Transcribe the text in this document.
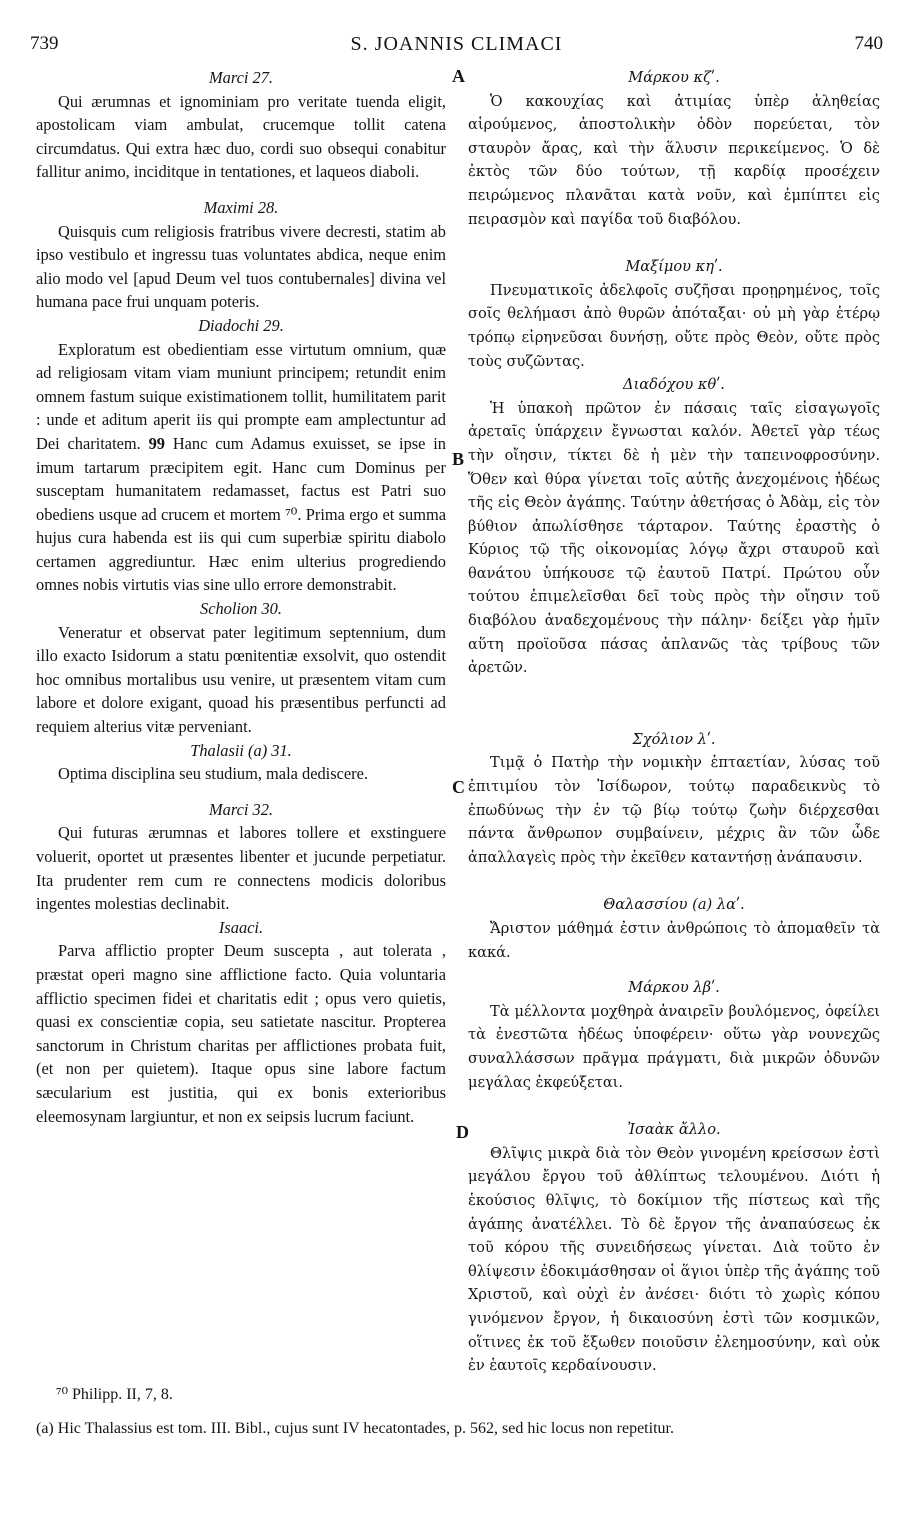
739	S. JOANNIS CLIMACI	740
A
B
C
D

Marci 27.

Qui ærumnas et ignominiam pro veritate tuenda eligit, apostolicam viam ambulat, crucemque tollit catena circumdatus. Qui extra hæc duo, cordi suo obsequi conabitur fallitur animo, inciditque in tentationes, et laqueos diaboli.

Maximi 28.

Quisquis cum religiosis fratribus vivere decresti, statim ab ipso vestibulo et ingressu tuas voluntates abdica, neque enim alio modo vel [apud Deum vel tuos contubernales] divina vel humana pace frui unquam poteris.

Diadochi 29.

Exploratum est obedientiam esse virtutum omnium, quæ ad religiosam vitam viam muniunt principem; retundit enim omnem fastum suique existimationem tollit, humilitatem parit : unde et aditum aperit iis qui prompte eam amplectuntur ad Dei charitatem. 99 Hanc cum Adamus exuisset, se ipse in imum tartarum præcipitem egit. Hanc cum Dominus per susceptam humanitatem redamasset, factus est Patri suo obediens usque ad crucem et mortem ⁷⁰. Prima ergo et summa hujus cura habenda est iis qui cum superbiæ spiritu diabolo certamen aggrediuntur. Hæc enim ulterius progrediendo omnes nobis virtutis vias sine ullo errore demonstrabit.

Scholion 30.

Veneratur et observat pater legitimum septennium, dum illo exacto Isidorum a statu pœnitentiæ exsolvit, quo ostendit hoc omnibus mortalibus usu venire, ut præsentem vitam cum labore et dolore exigant, quoad his præsentibus perfuncti ad requiem alterius vitæ perveniant.

Thalasii (a) 31.

Optima disciplina seu studium, mala dediscere.

Marci 32.

Qui futuras ærumnas et labores tollere et exstinguere voluerit, oportet ut præsentes libenter et jucunde perpetiatur. Ita prudenter rem cum re connectens modicis doloribus ingentes molestias declinabit.

Isaaci.

Parva afflictio propter Deum suscepta , aut tolerata , præstat operi magno sine afflictione facto. Quia voluntaria afflictio specimen fidei et charitatis edit ; opus vero quietis, quasi ex conscientiæ copia, seu satietate nascitur. Propterea sanctorum in Christum charitas per afflictiones probata fuit, (et non per quietem). Itaque opus sine labore factum sæcularium est justitia, qui ex bonis exterioribus eleemosynam largiuntur, et non ex seipsis lucrum faciunt.

Μάρκου κζʹ.

Ὁ κακουχίας καὶ ἀτιμίας ὑπὲρ ἀληθείας αἱρούμενος, ἀποστολικὴν ὁδὸν πορεύεται, τὸν σταυρὸν ἄρας, καὶ τὴν ἅλυσιν περικείμενος. Ὁ δὲ ἐκτὸς τῶν δύο τούτων, τῇ καρδίᾳ προσέχειν πειρώμενος πλανᾶται κατὰ νοῦν, καὶ ἐμπίπτει εἰς πειρασμὸν καὶ παγίδα τοῦ διαβόλου.

Μαξίμου κηʹ.

Πνευματικοῖς ἀδελφοῖς συζῆσαι προῃρημένος, τοῖς σοῖς θελήμασι ἀπὸ θυρῶν ἀπόταξαι· οὐ μὴ γὰρ ἑτέρῳ τρόπῳ εἰρηνεῦσαι δυνήσῃ, οὔτε πρὸς Θεὸν, οὔτε πρὸς τοὺς συζῶντας.

Διαδόχου κθʹ.

Ἡ ὑπακοὴ πρῶτον ἐν πάσαις ταῖς εἰσαγωγοῖς ἀρεταῖς ὑπάρχειν ἔγνωσται καλόν. Ἀθετεῖ γὰρ τέως τὴν οἴησιν, τίκτει δὲ ἡ μὲν τὴν ταπεινοφροσύνην. Ὅθεν καὶ θύρα γίνεται τοῖς αὐτῆς ἀνεχομένοις ἡδέως τῆς εἰς Θεὸν ἀγάπης. Ταύτην ἀθετήσας ὁ Ἀδὰμ, εἰς τὸν βύθιον ἀπωλίσθησε τάρταρον. Ταύτης ἐραστὴς ὁ Κύριος τῷ τῆς οἰκονομίας λόγῳ ἄχρι σταυροῦ καὶ θανάτου ὑπήκουσε τῷ ἑαυτοῦ Πατρί. Πρώτου οὖν τούτου ἐπιμελεῖσθαι δεῖ τοὺς πρὸς τὴν οἴησιν τοῦ διαβόλου ἀναδεχομένους τὴν πάλην· δείξει γὰρ ἡμῖν αὕτη προϊοῦσα πάσας ἀπλανῶς τὰς τρίβους τῶν ἀρετῶν.

Σχόλιον λʹ.

Τιμᾷ ὁ Πατὴρ τὴν νομικὴν ἑπταετίαν, λύσας τοῦ ἐπιτιμίου τὸν Ἰσίδωρον, τούτῳ παραδεικνὺς τὸ ἐπωδύνως τὴν ἐν τῷ βίῳ τούτῳ ζωὴν διέρχεσθαι πάντα ἄνθρωπον συμβαίνειν, μέχρις ἂν τῶν ὧδε ἀπαλλαγεὶς πρὸς τὴν ἐκεῖθεν καταντήσῃ ἀνάπαυσιν.

Θαλασσίου (a) λαʹ.

Ἄριστον μάθημά ἐστιν ἀνθρώποις τὸ ἀπομαθεῖν τὰ κακά.

Μάρκου λβʹ.

Τὰ μέλλοντα μοχθηρὰ ἀναιρεῖν βουλόμενος, ὀφείλει τὰ ἐνεστῶτα ἡδέως ὑποφέρειν· οὕτω γὰρ νουνεχῶς συναλλάσσων πρᾶγμα πράγματι, διὰ μικρῶν ὀδυνῶν μεγάλας ἐκφεύξεται.

Ἰσαὰκ ἄλλο.

Θλῖψις μικρὰ διὰ τὸν Θεὸν γινομένη κρείσσων ἐστὶ μεγάλου ἔργου τοῦ ἀθλίπτως τελουμένου. Διότι ἡ ἑκούσιος θλῖψις, τὸ δοκίμιον τῆς πίστεως καὶ τῆς ἀγάπης ἀνατέλλει. Τὸ δὲ ἔργον τῆς ἀναπαύσεως ἐκ τοῦ κόρου τῆς συνειδήσεως γίνεται. Διὰ τοῦτο ἐν θλίψεσιν ἐδοκιμάσθησαν οἱ ἅγιοι ὑπὲρ τῆς ἀγάπης τοῦ Χριστοῦ, καὶ οὐχὶ ἐν ἀνέσει· διότι τὸ χωρὶς κόπου γινόμενον ἔργον, ἡ δικαιοσύνη ἐστὶ τῶν κοσμικῶν, οἵτινες ἐκ τοῦ ἔξωθεν ποιοῦσιν ἐλεημοσύνην, καὶ οὐκ ἐν ἑαυτοῖς κερδαίνουσιν.

⁷⁰ Philipp. II, 7, 8.

(a) Hic Thalassius est tom. III. Bibl., cujus sunt IV hecatontades, p. 562, sed hic locus non repetitur.
